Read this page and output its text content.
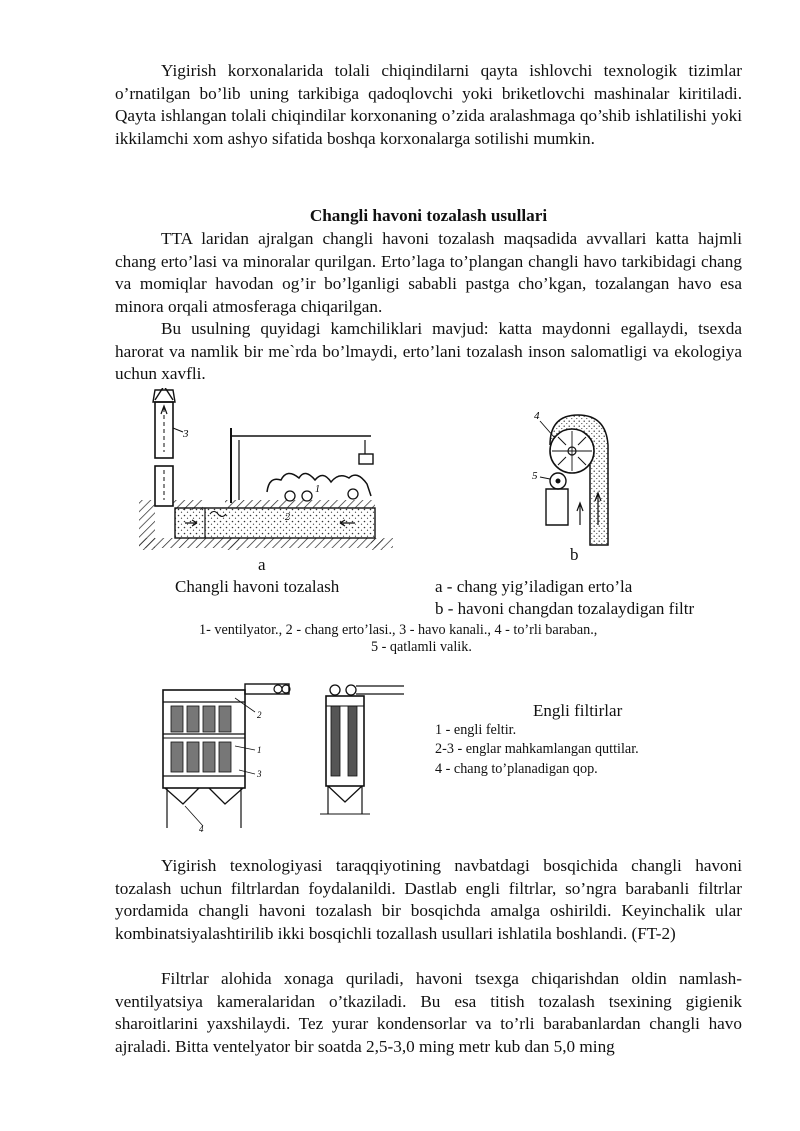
Yigirish korxonalarida tolali chiqindilarni qayta ishlovchi texnologik tizimlar o’rnatilgan bo’lib uning tarkibiga qadoqlovchi yoki briketlovchi mashinalar kiritiladi. Qayta ishlangan tolali chiqindilar korxonaning o’zida aralashmaga qo’shib ishlatilishi yoki ikkilamchi xom ashyo sifatida boshqa korxonalarga sotilishi mumkin.

Changli havoni tozalash usullari

TTA laridan ajralgan changli havoni tozalash maqsadida avvallari katta hajmli chang erto’lasi va minoralar qurilgan. Erto’laga to’plangan changli havo tarkibidagi chang va momiqlar havodan og’ir bo’lganligi sababli pastga cho’kgan, tozalangan havo esa minora orqali atmosferaga chiqarilgan.

Bu usulning quyidagi kamchiliklari mavjud: katta maydonni egallaydi, tsexda harorat va namlik bir me`rda bo’lmaydi, erto’lani tozalash inson salomatligi va ekologiya uchun xavfli.

3
1
2
4
5

a

b

Changli havoni tozalash	a - chang yig’iladigan erto’la

b - havoni changdan tozalaydigan filtr

1- ventilyator., 2 - chang erto’lasi., 3 - havo kanali., 4 - to’rli baraban.,

5 - qatlamli valik.

2
1
3
4

Engli filtirlar

1 - engli feltir.

2-3 - englar mahkamlangan quttilar.

4 - chang to’planadigan qop.

Yigirish texnologiyasi taraqqiyotining navbatdagi bosqichida changli havoni tozalash uchun filtrlardan foydalanildi. Dastlab engli filtrlar, so’ngra barabanli filtrlar yordamida changli havoni tozalash bir bosqichda amalga oshirildi. Keyinchalik ular kombinatsiyalashtirilib ikki bosqichli tozallash usullari ishlatila boshlandi. (FT-2)

Filtrlar alohida xonaga quriladi, havoni tsexga chiqarishdan oldin namlash-ventilyatsiya kameralaridan o’tkaziladi. Bu esa titish tozalash tsexining gigienik sharoitlarini yaxshilaydi. Tez yurar kondensorlar va to’rli barabanlardan changli havo ajraladi. Bitta ventelyator bir soatda 2,5-3,0 ming metr kub dan 5,0 ming
